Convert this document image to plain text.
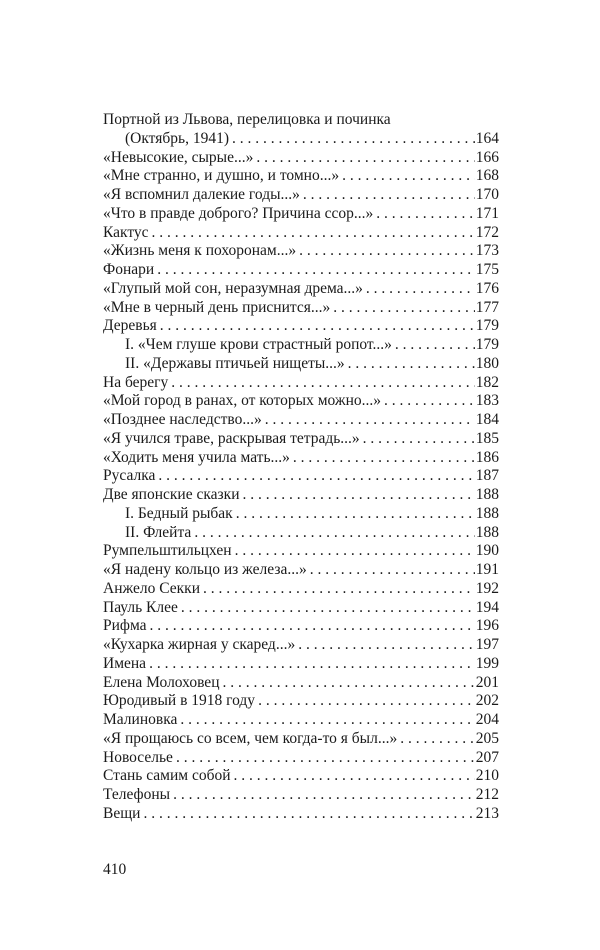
Портной из Львова, перелицовка и починка
(Октябрь, 1941) . . .	164
«Невысокие, сырые...» . . .	166
«Мне странно, и душно, и томно...» . . .	168
«Я вспомнил далекие годы...» . . .	170
«Что в правде доброго? Причина ссор...» . . .	171
Кактус . . .	172
«Жизнь меня к похоронам...» . . .	173
Фонари . . .	175
«Глупый мой сон, неразумная дрема...» . . .	176
«Мне в черный день приснится...» . . .	177
Деревья . . .	179
I. «Чем глуше крови страстный ропот...» . . .	179
II. «Державы птичьей нищеты...» . . .	180
На берегу . . .	182
«Мой город в ранах, от которых можно...» . . .	183
«Позднее наследство...» . . .	184
«Я учился траве, раскрывая тетрадь...» . . .	185
«Ходить меня учила мать...» . . .	186
Русалка . . .	187
Две японские сказки . . .	188
I. Бедный рыбак . . .	188
II. Флейта . . .	188
Румпельштильцхен . . .	190
«Я надену кольцо из железа...» . . .	191
Анжело Секки . . .	192
Пауль Клее . . .	194
Рифма . . .	196
«Кухарка жирная у скаред...» . . .	197
Имена . . .	199
Елена Молоховец . . .	201
Юродивый в 1918 году . . .	202
Малиновка . . .	204
«Я прощаюсь со всем, чем когда-то я был...» . . .	205
Новоселье . . .	207
Стань самим собой . . .	210
Телефоны . . .	212
Вещи . . .	213
410
